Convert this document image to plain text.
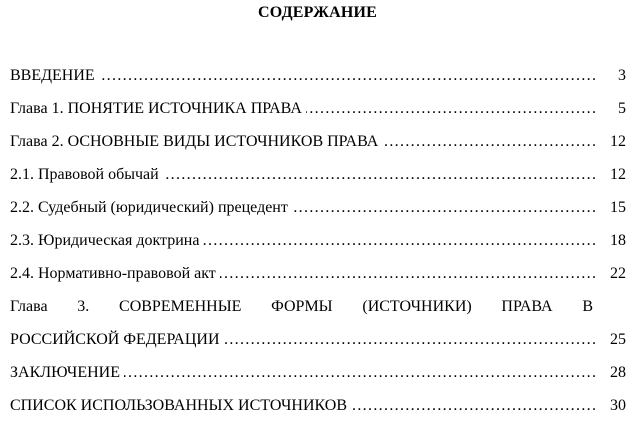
СОДЕРЖАНИЕ
……………………………………………………………………………………………………………………………………………
ВВЕДЕНИЕ	3
……………………………………………………………………………………………………………………………………………
Глава 1. ПОНЯТИЕ ИСТОЧНИКА ПРАВА	5
……………………………………………………………………………………………………………………………………………
Глава 2. ОСНОВНЫЕ ВИДЫ ИСТОЧНИКОВ ПРАВА	12
……………………………………………………………………………………………………………………………………………
2.1. Правовой обычай	12
……………………………………………………………………………………………………………………………………………
2.2. Судебный (юридический) прецедент	15
……………………………………………………………………………………………………………………………………………
2.3. Юридическая доктрина	18
……………………………………………………………………………………………………………………………………………
2.4. Нормативно-правовой акт	22
Глава 3. СОВРЕМЕННЫЕ ФОРМЫ (ИСТОЧНИКИ) ПРАВА В
……………………………………………………………………………………………………………………………………………
РОССИЙСКОЙ ФЕДЕРАЦИИ	25
……………………………………………………………………………………………………………………………………………
ЗАКЛЮЧЕНИЕ	28
……………………………………………………………………………………………………………………………………………
СПИСОК ИСПОЛЬЗОВАННЫХ ИСТОЧНИКОВ	30
